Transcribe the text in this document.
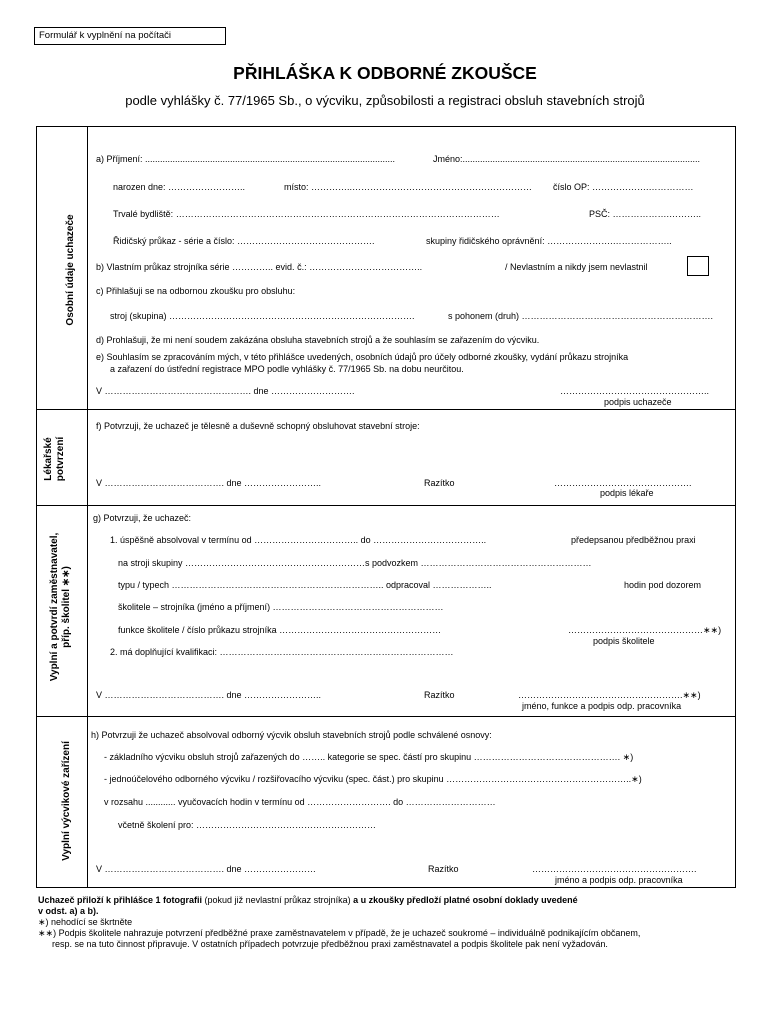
Formulář k vyplnění na počítači
PŘIHLÁŠKA K ODBORNÉ ZKOUŠCE
podle vyhlášky č. 77/1965 Sb., o výcviku, způsobilosti a registraci obsluh stavebních strojů
Osobní údaje uchazeče
Lékařské potvrzení
Vyplní a potvrdí zaměstnavatel, příp. školitel ∗∗)
Vyplní výcvikové zařízení
a) Příjmení: ....................................................................................................	Jméno:...............................................................................................
narozen dne: ……………………..	místo: …………..…………………………………………………… číslo OP: ……………….……………
Trvalé bydliště: ………………………………………………………………………………………………	PSČ: ……………….………..
Řidičský průkaz - série a číslo: ……………………………………….	skupiny řidičského oprávnění: ………………….………………..
b) Vlastním průkaz strojníka série ………….. evid. č.: ………………………………..	/ Nevlastním a nikdy jsem nevlastnil
c) Přihlašuji se na odbornou zkoušku pro obsluhu:
stroj (skupina) ……………………………………………………………………….	s pohonem (druh) ……………………………………………………….
d) Prohlašuji, že mi není soudem zakázána obsluha stavebních strojů a že souhlasím se zařazením do výcviku.
e) Souhlasím se zpracováním mých, v této přihlášce uvedených, osobních údajů pro účely odborné zkoušky, vydání průkazu strojníka
a zařazení do ústřední registrace MPO podle vyhlášky č. 77/1965 Sb. na dobu neurčitou.
V …………………………………………. dne ……………………….	…………………………………………..
podpis uchazeče
f) Potvrzuji, že uchazeč je tělesně a duševně schopný obsluhovat stavební stroje:
V …………………………………. dne ……………………..	Razítko	……………………………………….
podpis lékaře
g) Potvrzuji, že uchazeč:
1. úspěšně absolvoval v termínu od …………………………….. do ………………………………..	předepsanou předběžnou praxi
na stroji skupiny ……………………………………………………s podvozkem …………………………………………………
typu / typech …………………………………………………………….. odpracoval ………………..	hodin pod dozorem
školitele – strojníka (jméno a příjmení) …………………………………………………
funkce školitele / číslo průkazu strojníka ………………………………………………	………………………………………∗∗)
podpis školitele
2. má doplňující kvalifikaci: ……………………………………………………………………
V …………………………………. dne ……………………..	Razítko	……………………………………………….∗∗)
jméno, funkce a podpis odp. pracovníka
h) Potvrzuji že uchazeč absolvoval odborný výcvik obsluh stavebních strojů podle schválené osnovy:
- základního výcviku obsluh strojů zařazených do …….. kategorie se spec. částí pro skupinu …………………………………………. ∗)
- jednoúčelového odborného výcviku / rozšiřovacího výcviku (spec. část.) pro skupinu ……………………………………………………..∗)
v rozsahu ............ vyučovacích hodin v termínu od ………………………. do …………………………
včetně školení pro: ……………………………………………………
V …………………………………. dne ……………………	Razítko	……………………………………………….
jméno a podpis odp. pracovníka
Uchazeč přiloží k přihlášce 1 fotografii (pokud již nevlastní průkaz strojníka) a u zkoušky předloží platné osobní doklady uvedené
v odst. a) a b).
∗) nehodící se škrtněte
∗∗) Podpis školitele nahrazuje potvrzení předběžné praxe zaměstnavatelem v případě, že je uchazeč soukromé – individuálně podnikajícím občanem,
resp. se na tuto činnost připravuje. V ostatních případech potvrzuje předběžnou praxi zaměstnavatel a podpis školitele pak není vyžadován.
